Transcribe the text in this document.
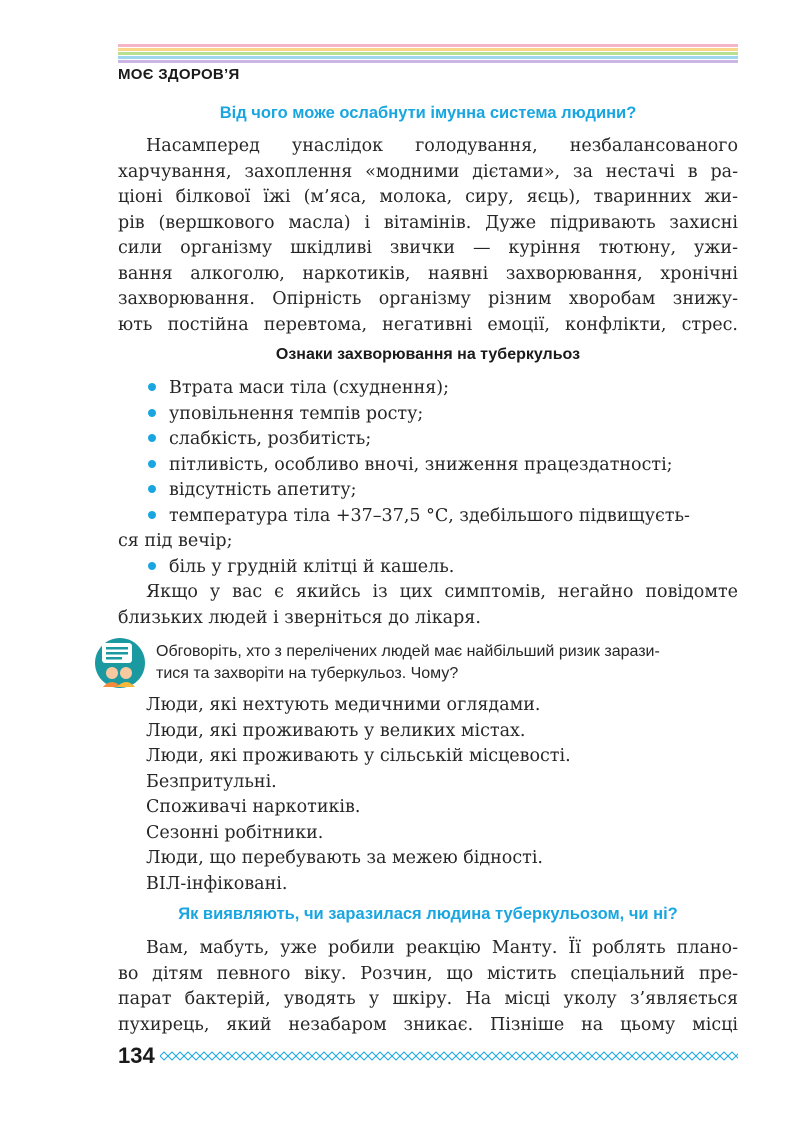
МОЄ ЗДОРОВ’Я
Від чого може ослабнути імунна система людини?
Насамперед унаслідок голодування, незбалансованого
харчування, захоплення «модними дієтами», за нестачі в ра-
ціоні білкової їжі (м’яса, молока, сиру, яєць), тваринних жи-
рів (вершкового масла) і вітамінів. Дуже підривають захисні
сили організму шкідливі звички — куріння тютюну, ужи-
вання алкоголю, наркотиків, наявні захворювання, хронічні
захворювання. Опірність організму різним хворобам знижу-
ють постійна перевтома, негативні емоції, конфлікти, стрес.
Ознаки захворювання на туберкульоз
Втрата маси тіла (схуднення);
уповільнення темпів росту;
слабкість, розбитість;
пітливість, особливо вночі, зниження працездатності;
відсутність апетиту;
температура тіла +37–37,5 °С, здебільшого підвищуєть-
ся під вечір;
біль у грудній клітці й кашель.
Якщо у вас є якийсь із цих симптомів, негайно повідомте
близьких людей і зверніться до лікаря.
Обговоріть, хто з перелічених людей має найбільший ризик зарази-
тися та захворіти на туберкульоз. Чому?
Люди, які нехтують медичними оглядами.
Люди, які проживають у великих містах.
Люди, які проживають у сільській місцевості.
Безпритульні.
Споживачі наркотиків.
Сезонні робітники.
Люди, що перебувають за межею бідності.
ВІЛ-інфіковані.
Як виявляють, чи заразилася людина туберкульозом, чи ні?
Вам, мабуть, уже робили реакцію Манту. Її роблять плано-
во дітям певного віку. Розчин, що містить спеціальний пре-
парат бактерій, уводять у шкіру. На місці уколу з’являється
пухирець, який незабаром зникає. Пізніше на цьому місці
134
